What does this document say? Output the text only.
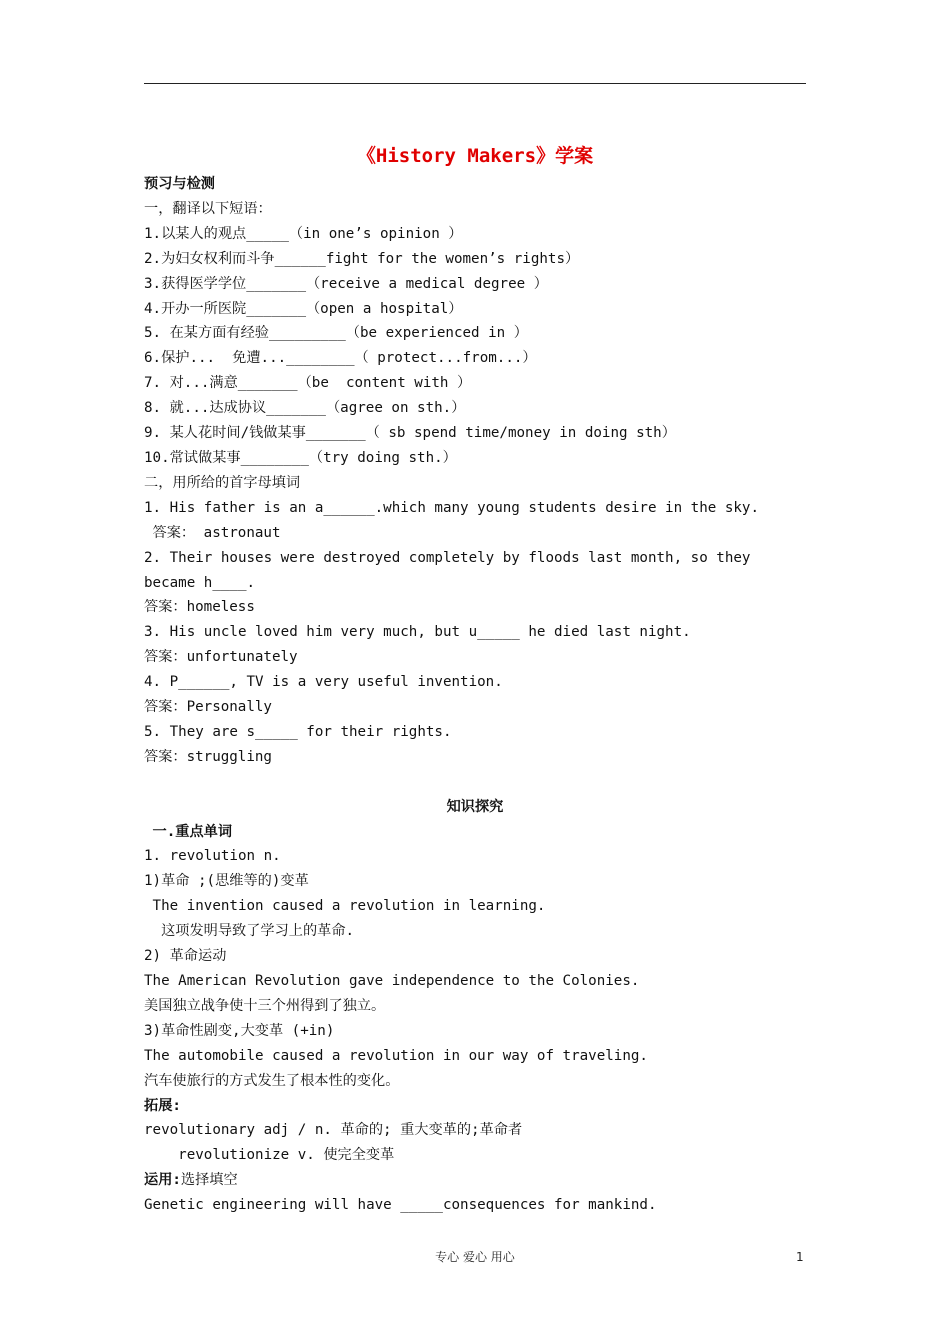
《History Makers》学案
预习与检测
一，翻译以下短语：
1.以某人的观点_____（in one’s opinion ）
2.为妇女权利而斗争______fight for the women’s rights）
3.获得医学学位_______（receive a medical degree ）
4.开办一所医院_______（open a hospital）
5. 在某方面有经验_________（be experienced in ）
6.保护...  免遭...________（ protect...from...）
7. 对...满意_______（be  content with ）
8. 就...达成协议_______（agree on sth.）
9. 某人花时间/钱做某事_______（ sb spend time/money in doing sth）
10.常试做某事________（try doing sth.）
二，用所给的首字母填词
1. His father is an a______.which many young students desire in the sky.
答案： astronaut
2. Their houses were destroyed completely by floods last month, so they became h____.
答案：homeless
3. His uncle loved him very much, but u_____ he died last night.
答案：unfortunately
4. P______, TV is a very useful invention.
答案：Personally
5. They are s_____ for their rights.
答案：struggling
知识探究
一.重点单词
1. revolution n.
1)革命 ;(思维等的)变革
The invention caused a revolution in learning.
这项发明导致了学习上的革命.
2) 革命运动
The American Revolution gave independence to the Colonies.
美国独立战争使十三个州得到了独立。
3)革命性剧变,大变革 (+in)
The automobile caused a revolution in our way of traveling.
汽车使旅行的方式发生了根本性的变化。
拓展:
revolutionary adj / n. 革命的; 重大变革的;革命者
revolutionize v. 使完全变革
运用:选择填空
Genetic engineering will have _____consequences for mankind.
专心 爱心 用心	1
